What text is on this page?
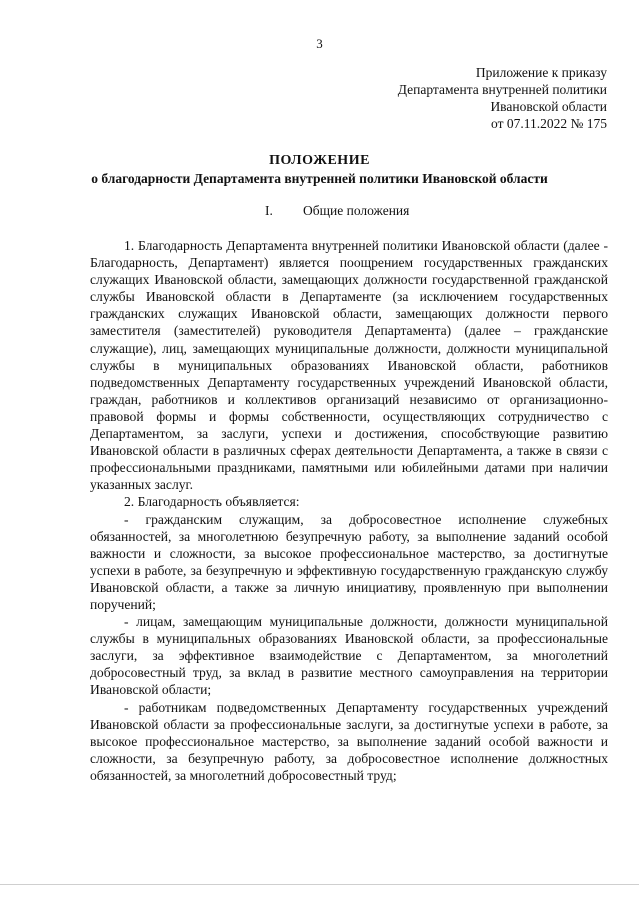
3
Приложение к приказу
Департамента внутренней политики
Ивановской области
от 07.11.2022 № 175
ПОЛОЖЕНИЕ
о благодарности Департамента внутренней политики Ивановской области
I. Общие положения

1. Благодарность Департамента внутренней политики Ивановской области (далее - Благодарность, Департамент) является поощрением государственных гражданских служащих Ивановской области, замещающих должности государственной гражданской службы Ивановской области в Департаменте (за исключением государственных гражданских служащих Ивановской области, замещающих должности первого заместителя (заместителей) руководителя Департамента) (далее – гражданские служащие), лиц, замещающих муниципальные должности, должности муниципальной службы в муниципальных образованиях Ивановской области, работников подведомственных Департаменту государственных учреждений Ивановской области, граждан, работников и коллективов организаций независимо от организационно-правовой формы и формы собственности, осуществляющих сотрудничество с Департаментом, за заслуги, успехи и достижения, способствующие развитию Ивановской области в различных сферах деятельности Департамента, а также в связи с профессиональными праздниками, памятными или юбилейными датами при наличии указанных заслуг.

2. Благодарность объявляется:

- гражданским служащим, за добросовестное исполнение служебных обязанностей, за многолетнюю безупречную работу, за выполнение заданий особой важности и сложности, за высокое профессиональное мастерство, за достигнутые успехи в работе, за безупречную и эффективную государственную гражданскую службу Ивановской области, а также за личную инициативу, проявленную при выполнении поручений;

- лицам, замещающим муниципальные должности, должности муниципальной службы в муниципальных образованиях Ивановской области, за профессиональные заслуги, за эффективное взаимодействие с Департаментом, за многолетний добросовестный труд, за вклад в развитие местного самоуправления на территории Ивановской области;

- работникам подведомственных Департаменту государственных учреждений Ивановской области за профессиональные заслуги, за достигнутые успехи в работе, за высокое профессиональное мастерство, за выполнение заданий особой важности и сложности, за безупречную работу, за добросовестное исполнение должностных обязанностей, за многолетний добросовестный труд;
